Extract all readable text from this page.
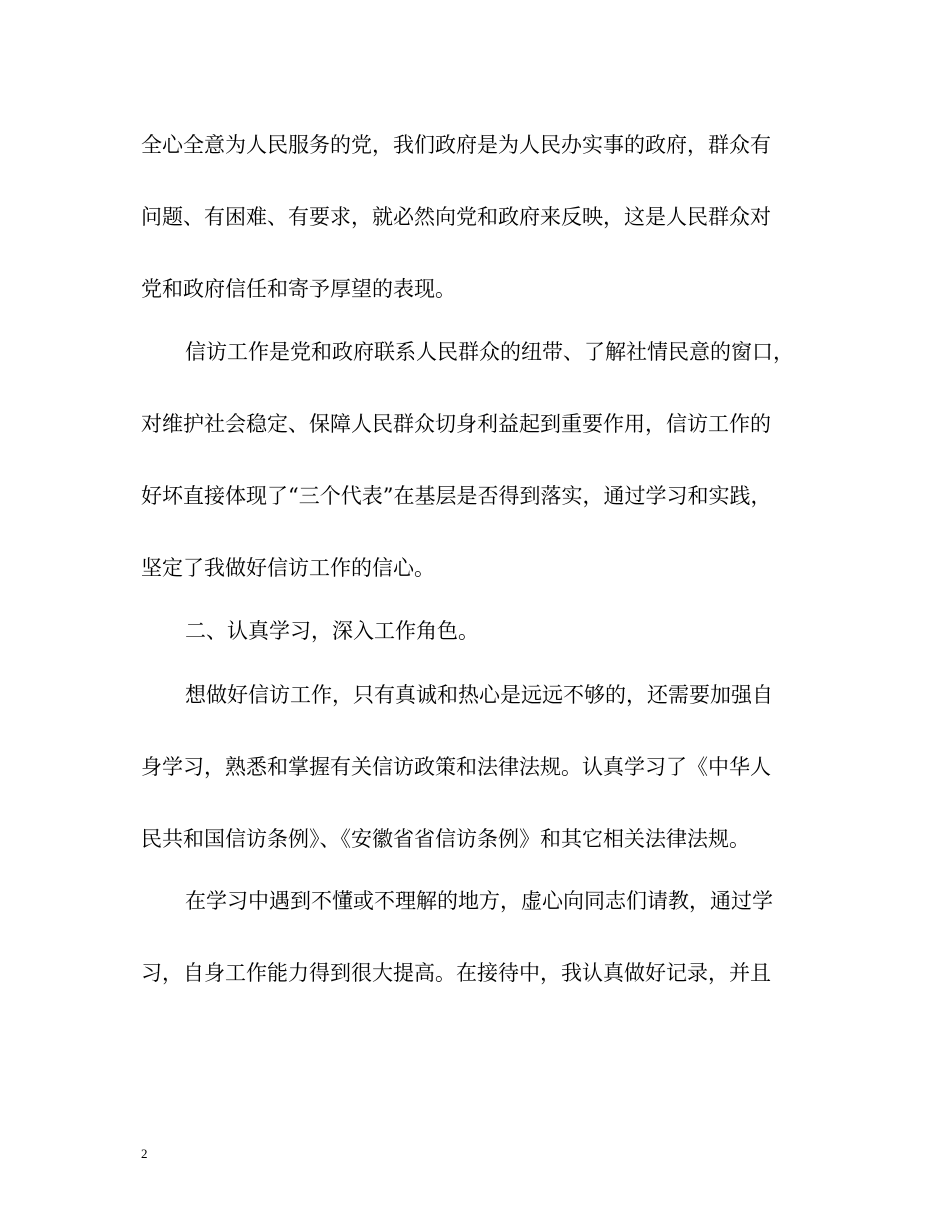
全心全意为人民服务的党，我们政府是为人民办实事的政府，群众有
问题、有困难、有要求，就必然向党和政府来反映，这是人民群众对
党和政府信任和寄予厚望的表现。
信访工作是党和政府联系人民群众的纽带、了解社情民意的窗口，
对维护社会稳定、保障人民群众切身利益起到重要作用，信访工作的
好坏直接体现了“三个代表”在基层是否得到落实，通过学习和实践，
坚定了我做好信访工作的信心。
二、认真学习，深入工作角色。
想做好信访工作，只有真诚和热心是远远不够的，还需要加强自
身学习，熟悉和掌握有关信访政策和法律法规。认真学习了《中华人
民共和国信访条例》、《安徽省省信访条例》和其它相关法律法规。
在学习中遇到不懂或不理解的地方，虚心向同志们请教，通过学
习，自身工作能力得到很大提高。在接待中，我认真做好记录，并且
2
